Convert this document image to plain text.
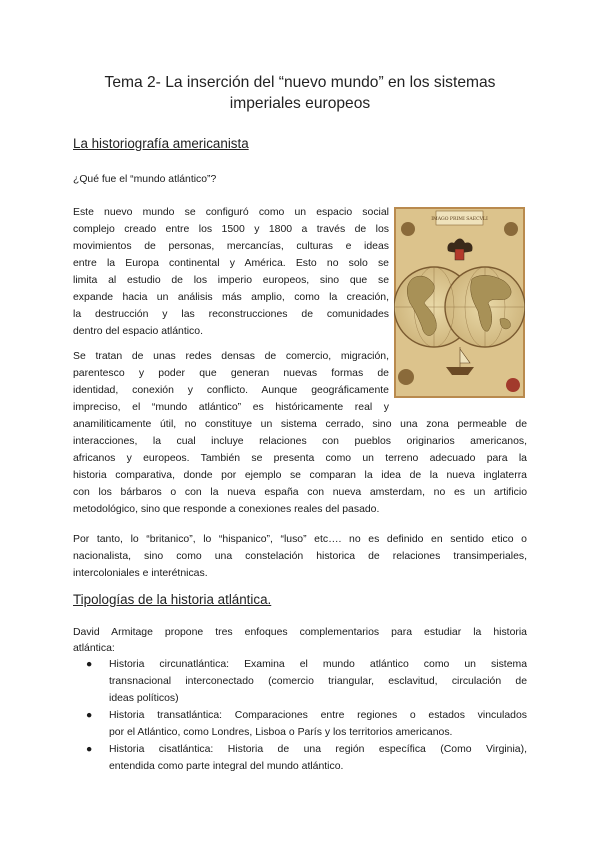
Tema 2- La inserción del “nuevo mundo” en los sistemas
imperiales europeos
La historiografía americanista
¿Qué fue el “mundo atlántico”?
Este nuevo mundo se configuró como un espacio social
complejo creado entre los 1500 y 1800 a través de los
movimientos de personas, mercancías, culturas e ideas
entre la Europa continental y América. Esto no solo se
limita al estudio de los imperio europeos, sino que se
expande hacia un análisis más amplio, como la creación,
la destrucción y las reconstrucciones de comunidades
dentro del espacio atlántico.
Se tratan de unas redes densas de comercio, migración,
parentesco y poder que generan nuevas formas de
identidad, conexión y conflicto. Aunque geográficamente
impreciso, el “mundo atlántico” es históricamente real y
anamiliticamente útil, no constituye un sistema cerrado, sino una zona permeable de
interacciones, la cual incluye relaciones con pueblos originarios americanos,
africanos y europeos. También se presenta como un terreno adecuado para la
historia comparativa, donde por ejemplo se comparan la idea de la nueva inglaterra
con los bárbaros o con la nueva españa con nueva amsterdam, no es un artificio
metodológico, sino que responde a conexiones reales del pasado.
Por tanto, lo “britanico”, lo “hispanico”, “luso” etc…. no es definido en sentido etico o
nacionalista, sino como una constelación historica de relaciones transimperiales,
intercoloniales e interétnicas.
Tipologías de la historia atlántica.
David Armitage propone tres enfoques complementarios para estudiar la historia
atlántica:
● Historia circunatlántica: Examina el mundo atlántico como un sistema
transnacional interconectado (comercio triangular, esclavitud, circulación de
ideas políticos)
● Historia transatlántica: Comparaciones entre regiones o estados vinculados
por el Atlántico, como Londres, Lisboa o París y los territorios americanos.
● Historia cisatlántica: Historia de una región específica (Como Virginia),
entendida como parte integral del mundo atlántico.
IMAGO PRIMI SAECVLI
